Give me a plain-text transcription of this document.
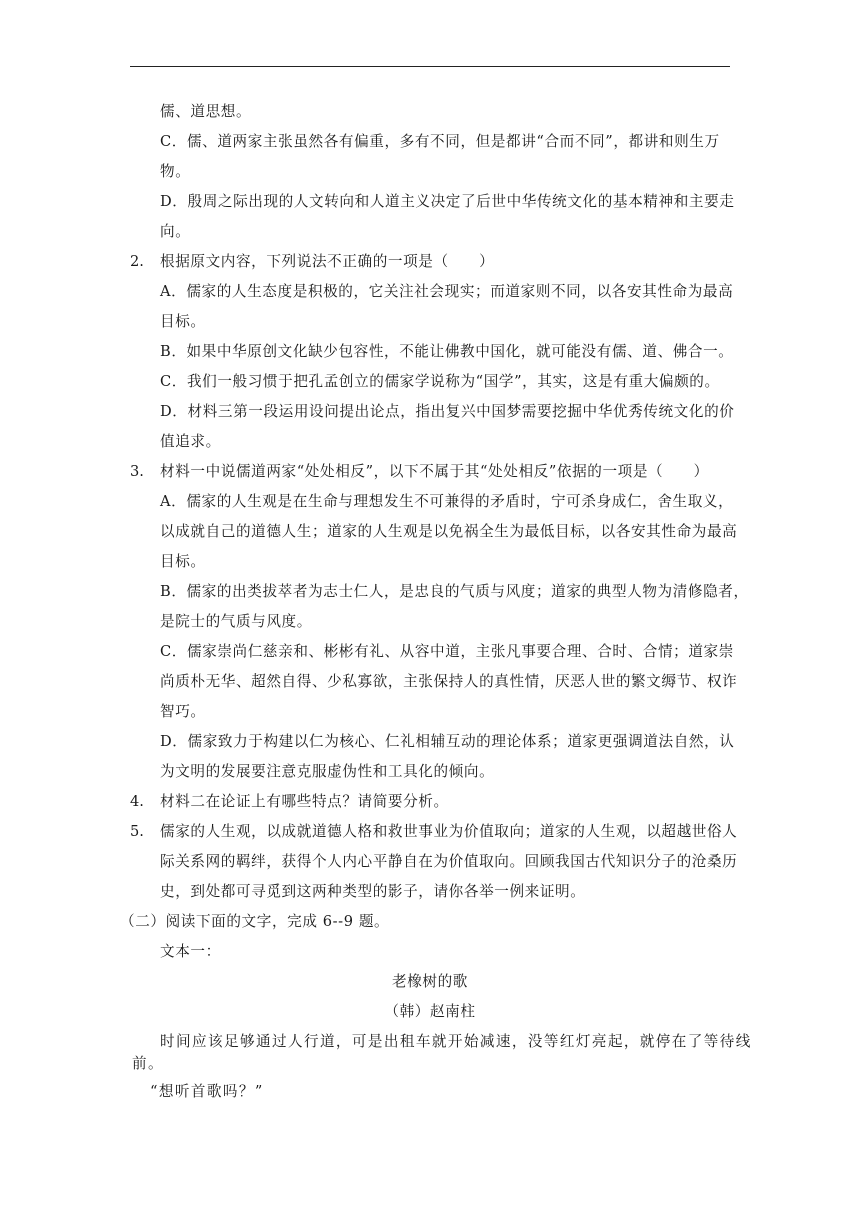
儒、道思想。
C．儒、道两家主张虽然各有偏重，多有不同，但是都讲“合而不同”，都讲和则生万
物。
D．殷周之际出现的人文转向和人道主义决定了后世中华传统文化的基本精神和主要走
向。
2. 根据原文内容，下列说法不正确的一项是（　　）
A．儒家的人生态度是积极的，它关注社会现实；而道家则不同，以各安其性命为最高
目标。
B．如果中华原创文化缺少包容性，不能让佛教中国化，就可能没有儒、道、佛合一。
C．我们一般习惯于把孔孟创立的儒家学说称为“国学”，其实，这是有重大偏颇的。
D．材料三第一段运用设问提出论点，指出复兴中国梦需要挖掘中华优秀传统文化的价
值追求。
3. 材料一中说儒道两家“处处相反”，以下不属于其“处处相反”依据的一项是（　　）
A．儒家的人生观是在生命与理想发生不可兼得的矛盾时，宁可杀身成仁，舍生取义，
以成就自己的道德人生；道家的人生观是以免祸全生为最低目标，以各安其性命为最高
目标。
B．儒家的出类拔萃者为志士仁人，是忠良的气质与风度；道家的典型人物为清修隐者，
是院士的气质与风度。
C．儒家崇尚仁慈亲和、彬彬有礼、从容中道，主张凡事要合理、合时、合情；道家崇
尚质朴无华、超然自得、少私寡欲，主张保持人的真性情，厌恶人世的繁文缛节、权诈
智巧。
D．儒家致力于构建以仁为核心、仁礼相辅互动的理论体系；道家更强调道法自然，认
为文明的发展要注意克服虚伪性和工具化的倾向。
4. 材料二在论证上有哪些特点？请简要分析。
5. 儒家的人生观，以成就道德人格和救世事业为价值取向；道家的人生观，以超越世俗人
际关系网的羁绊，获得个人内心平静自在为价值取向。回顾我国古代知识分子的沧桑历
史，到处都可寻觅到这两种类型的影子，请你各举一例来证明。
（二）阅读下面的文字，完成 6--9 题。
文本一：
老橡树的歌
（韩）赵南柱
时间应该足够通过人行道，可是出租车就开始减速，没等红灯亮起，就停在了等待线
前。
“想听首歌吗？”
